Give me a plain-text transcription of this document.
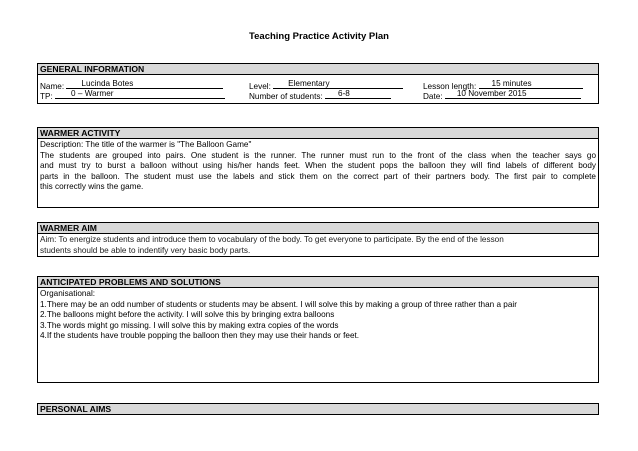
Teaching Practice Activity Plan
GENERAL INFORMATION
Name: Lucinda Botes	Level: Elementary	Lesson length: 15 minutes
TP: 0 – Warmer	Number of students: 6-8	Date: 10 November 2015
WARMER ACTIVITY
Description: The title of the warmer is "The Balloon Game"
The students are grouped into pairs. One student is the runner. The runner must run to the front of the class when the teacher says go
and must try to burst a balloon without using his/her hands feet. When the student pops the balloon they will find labels of different body
parts in the balloon. The student must use the labels and stick them on the correct part of their partners body. The first pair to complete
this correctly wins the game.
WARMER AIM
Aim: To energize students and introduce them to vocabulary of the body. To get everyone to participate. By the end of the lesson
students should be able to indentify very basic body parts.
ANTICIPATED PROBLEMS AND SOLUTIONS
Organisational:
1.There may be an odd number of students or students may be absent. I will solve this by making a group of three rather than a pair
2.The balloons might before the activity. I will solve this by bringing extra balloons
3.The words might go missing. I will solve this by making extra copies of the words
4.If the students have trouble popping the balloon then they may use their hands or feet.
PERSONAL AIMS
